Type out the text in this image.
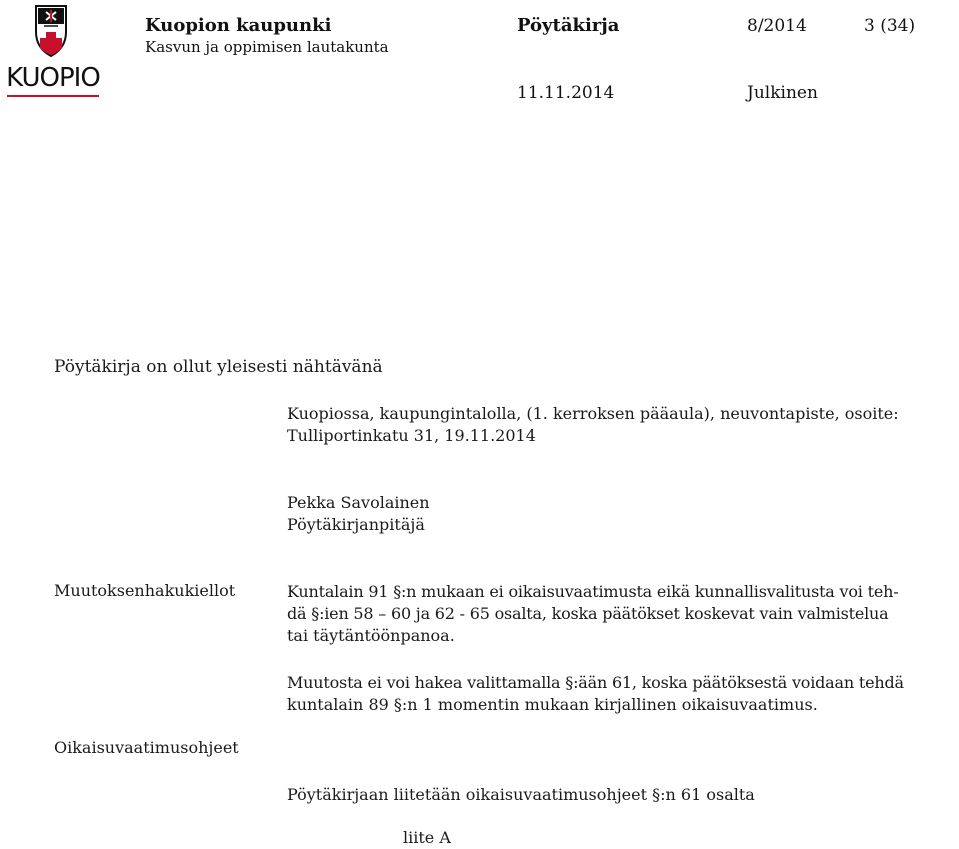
KUOPIO
Kuopion kaupunki
Kasvun ja oppimisen lautakunta
Pöytäkirja	8/2014	3 (34)
11.11.2014	Julkinen
Pöytäkirja on ollut yleisesti nähtävänä
Kuopiossa, kaupungintalolla, (1. kerroksen pääaula), neuvontapiste, osoite:
Tulliportinkatu 31, 19.11.2014
Pekka Savolainen
Pöytäkirjanpitäjä
Muutoksenhakukiellot	Kuntalain 91 §:n mukaan ei oikaisuvaatimusta eikä kunnallisvalitusta voi teh-
dä §:ien 58 – 60 ja 62 - 65 osalta, koska päätökset koskevat vain valmistelua
tai täytäntöönpanoa.
Muutosta ei voi hakea valittamalla §:ään 61, koska päätöksestä voidaan tehdä
kuntalain 89 §:n 1 momentin mukaan kirjallinen oikaisuvaatimus.
Oikaisuvaatimusohjeet
Pöytäkirjaan liitetään oikaisuvaatimusohjeet §:n 61 osalta
liite A
